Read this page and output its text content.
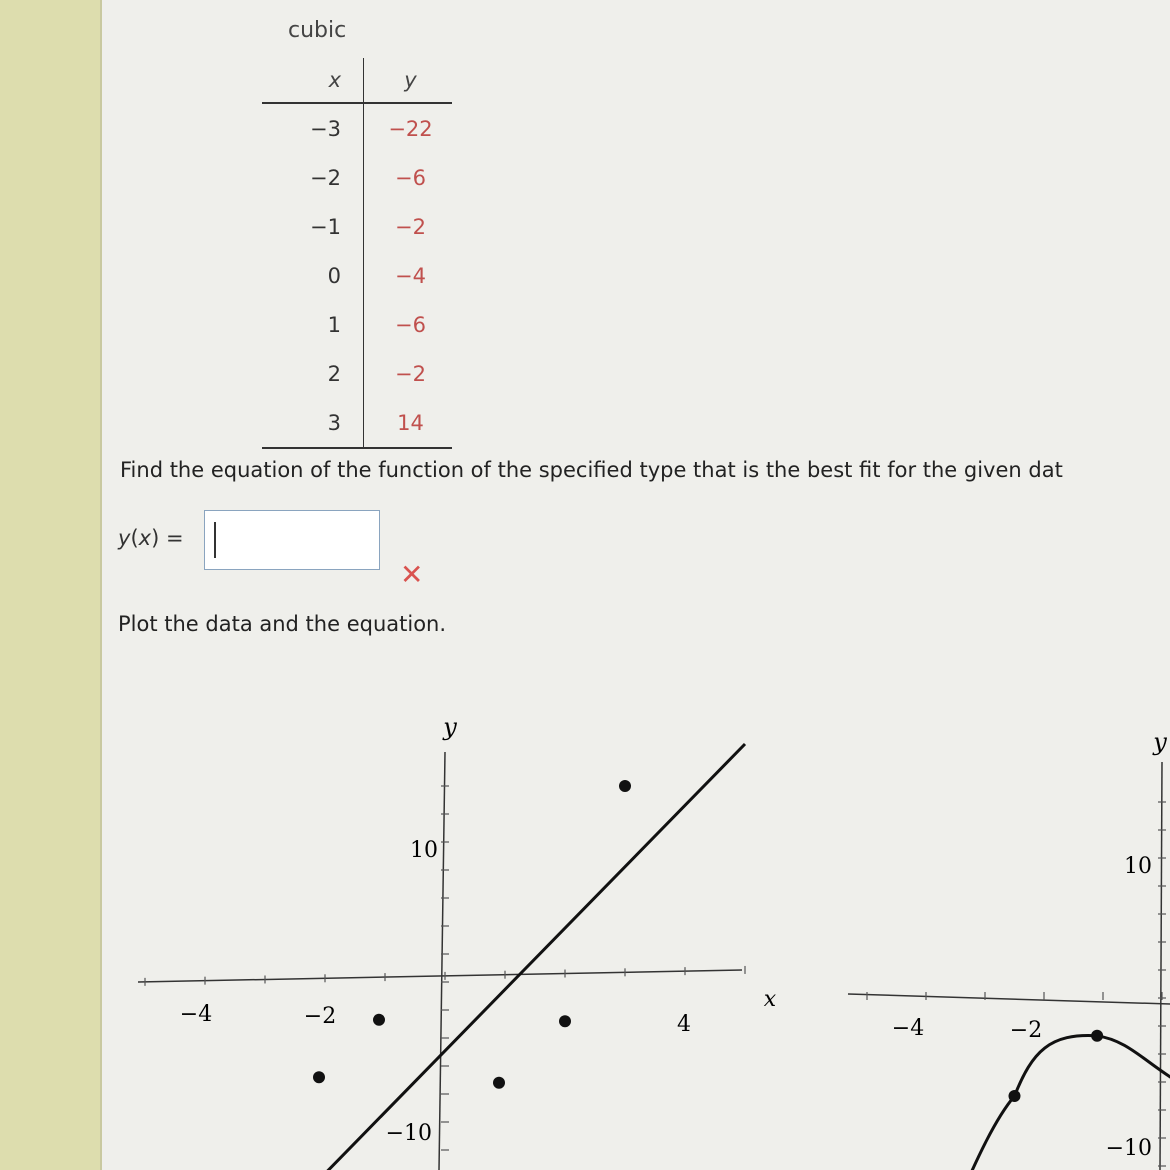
cubic
x	y
−3	−22
−2	−6
−1	−2
0	−4
1	−6
2	−2
3	14
Find the equation of the function of the specified type that is the best fit for the given dat
y(x) =
✕
Plot the data and the equation.
y
x
−4	−2	4
10
−10
y
−4	−2
10
−10
